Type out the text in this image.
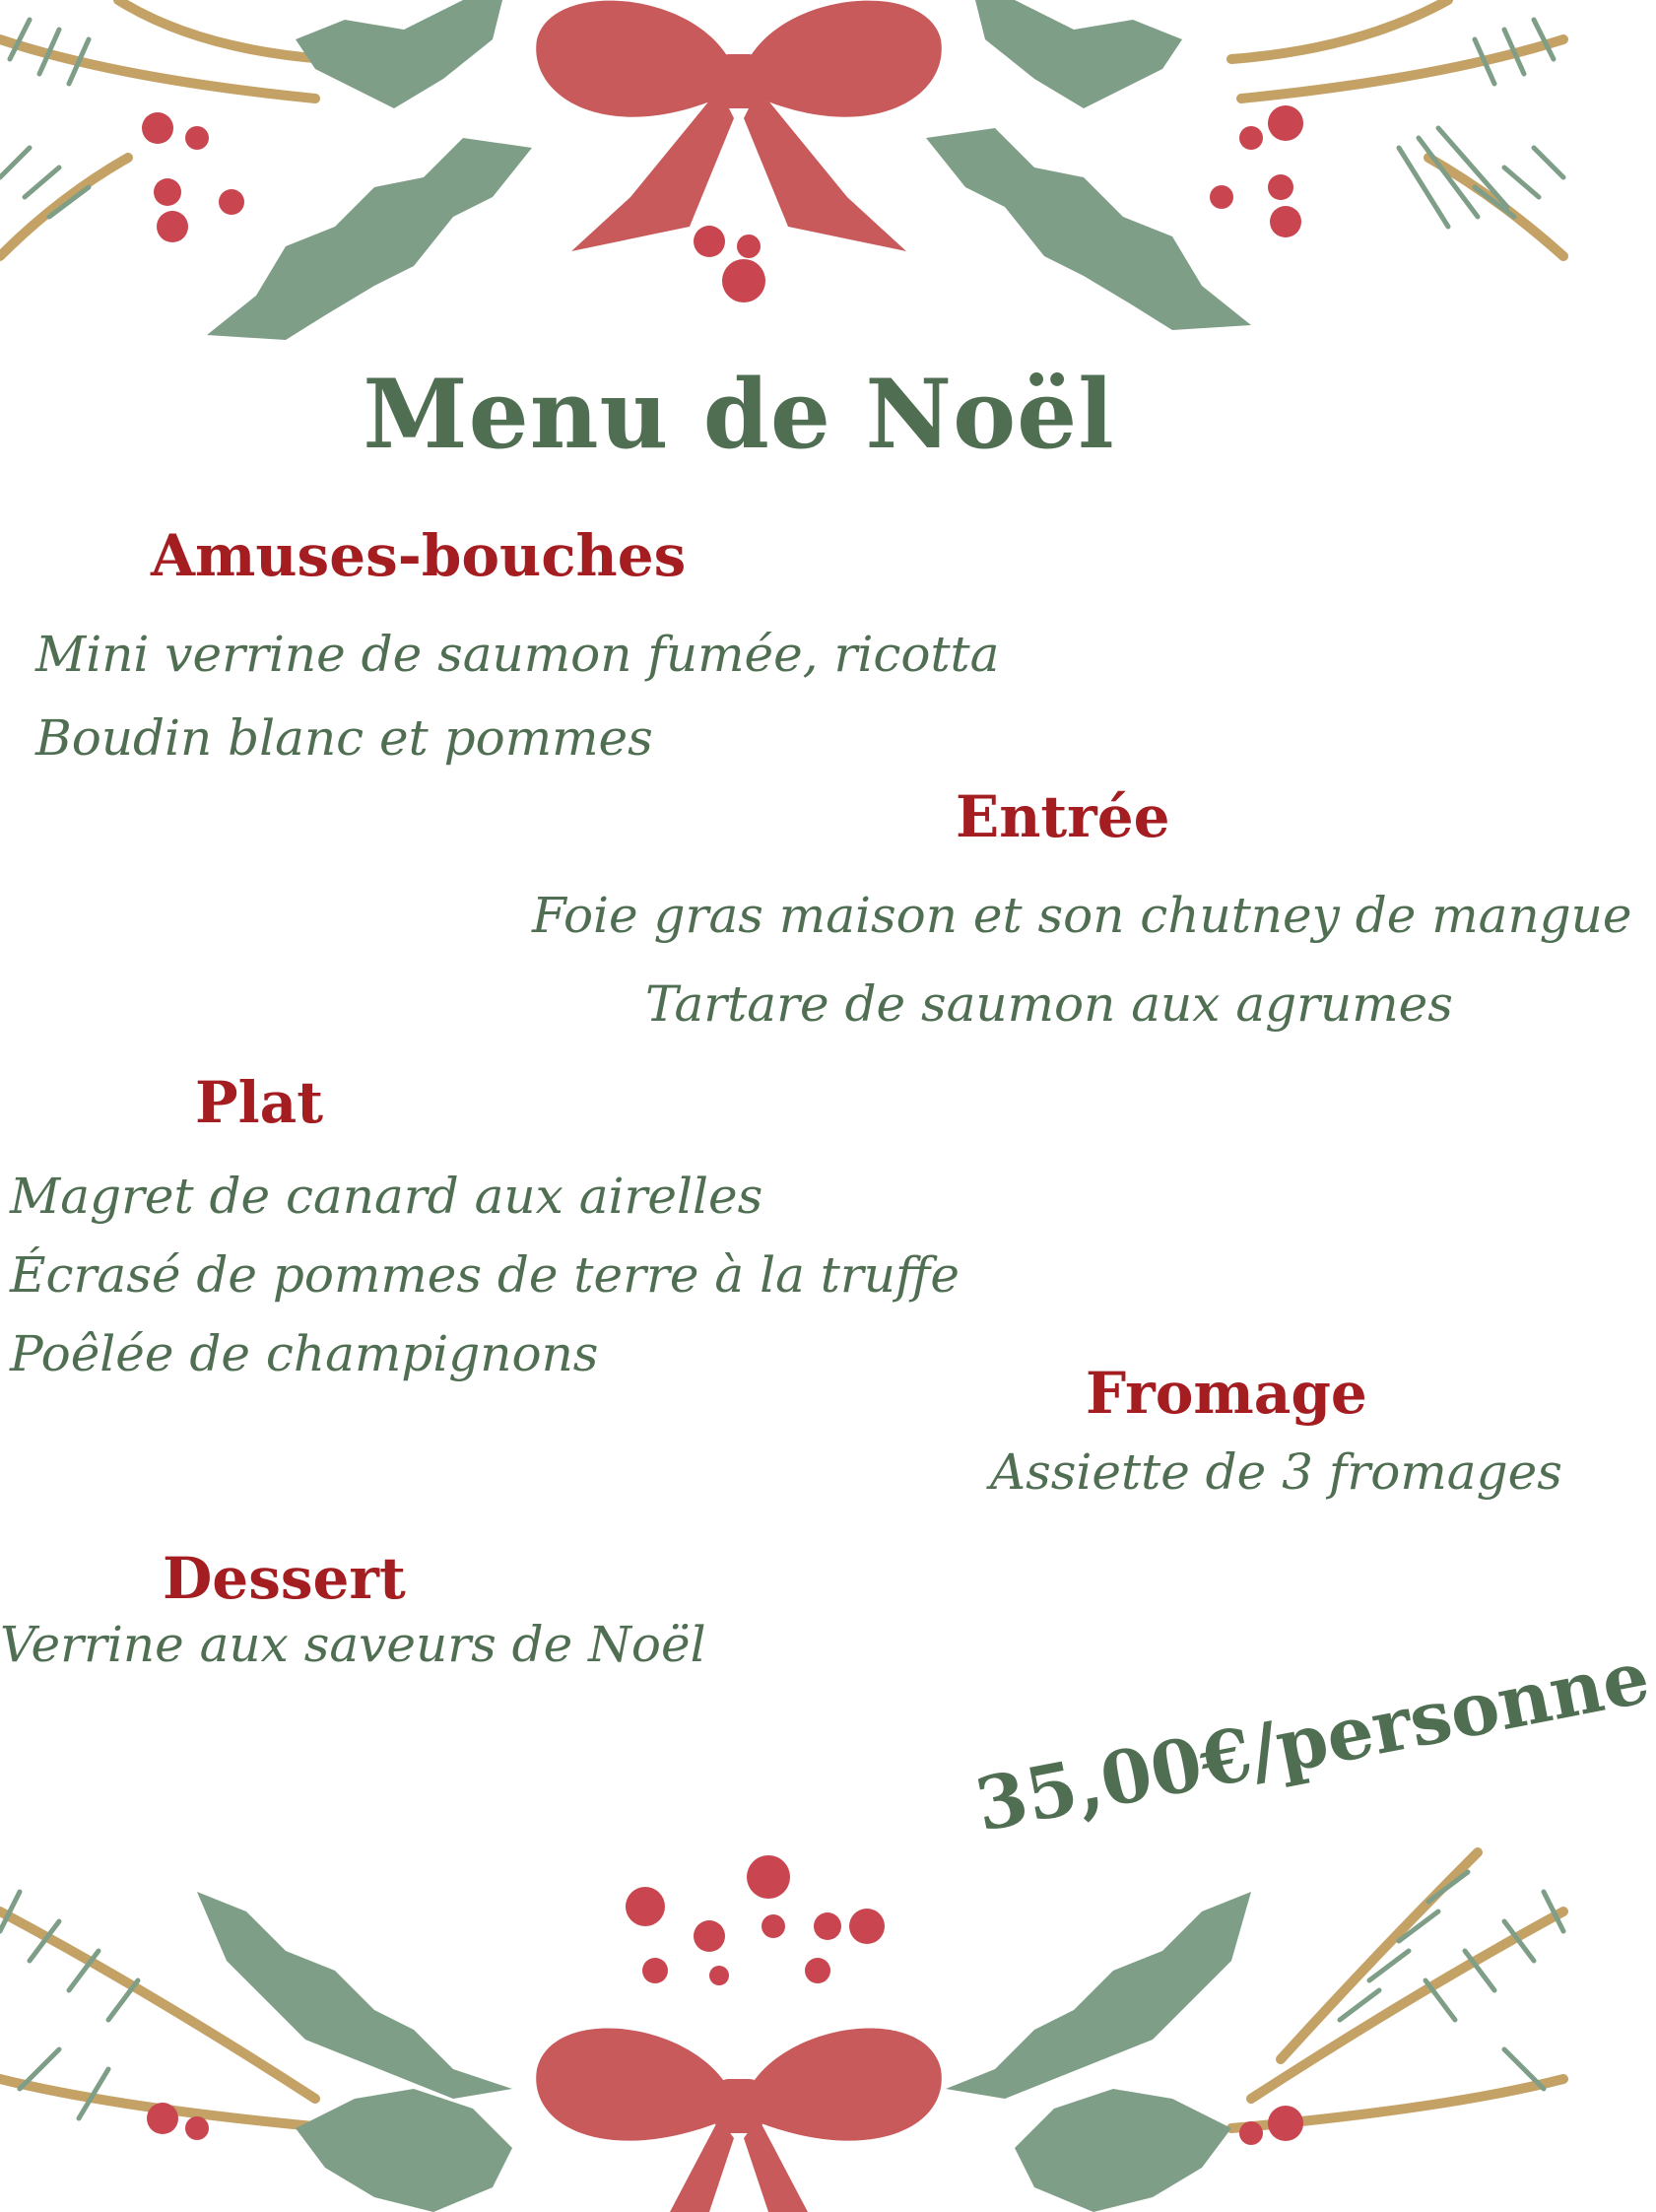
Menu de Noël
Amuses-bouches
Mini verrine de saumon fumée, ricotta
Boudin blanc et pommes
Entrée
Foie gras maison et son chutney de mangue
Tartare de saumon aux agrumes
Plat
Magret de canard aux airelles
Écrasé de pommes de terre à la truffe
Poêlée de champignons
Fromage
Assiette de 3 fromages
Dessert
Verrine aux saveurs de Noël	35,00€/personne
